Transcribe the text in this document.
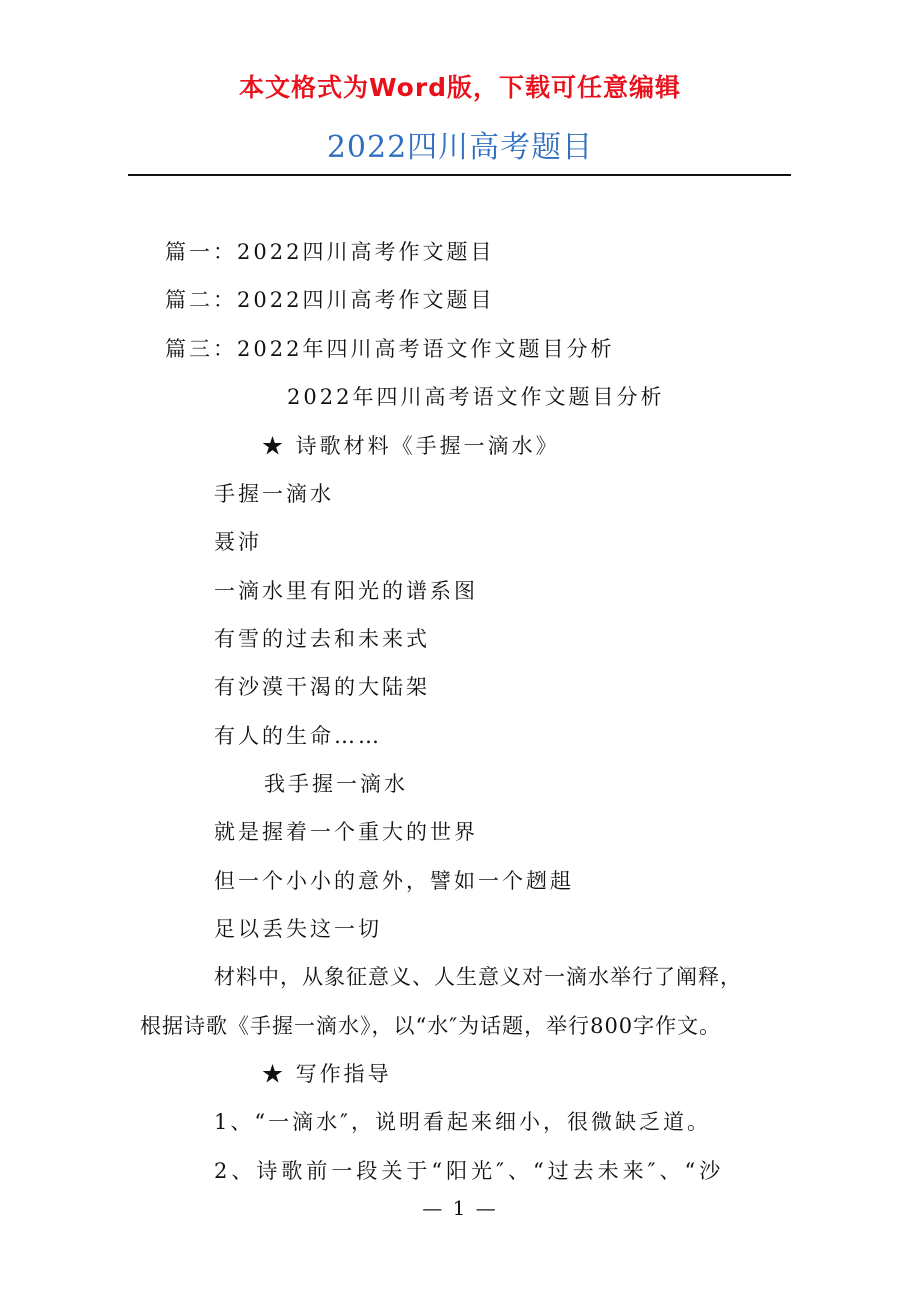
本文格式为Word版，下载可任意编辑
2022四川高考题目
篇一：2022四川高考作文题目
篇二：2022四川高考作文题目
篇三：2022年四川高考语文作文题目分析
2022年四川高考语文作文题目分析
★ 诗歌材料《手握一滴水》
手握一滴水
聂沛
一滴水里有阳光的谱系图
有雪的过去和未来式
有沙漠干渴的大陆架
有人的生命……
我手握一滴水
就是握着一个重大的世界
但一个小小的意外，譬如一个趔趄
足以丢失这一切
材料中，从象征意义、人生意义对一滴水举行了阐释，
根据诗歌《手握一滴水》，以“水″为话题，举行800字作文。
★ 写作指导
1、“一滴水″，说明看起来细小，很微缺乏道。
2、诗歌前一段关于“阳光″、“过去未来″、“沙
— 1 —
